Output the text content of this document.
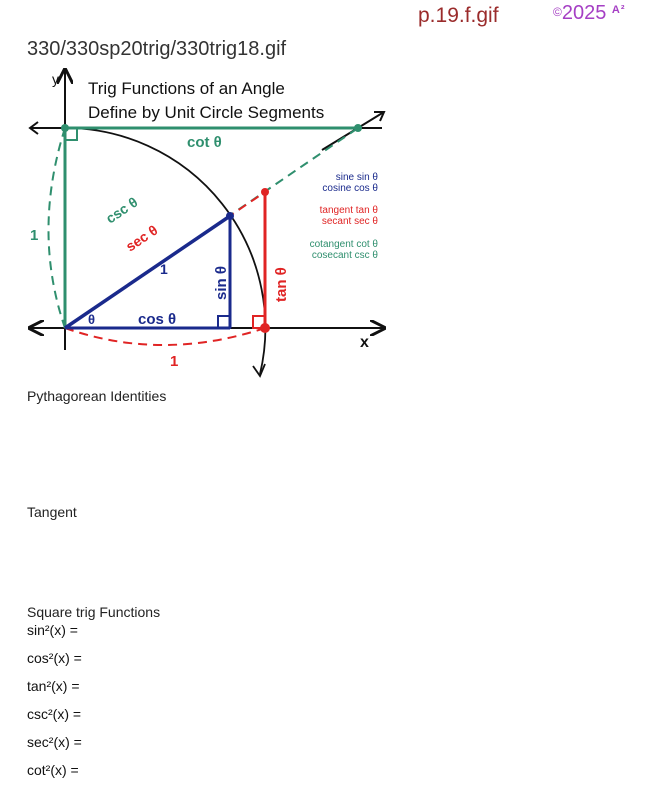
p.19.f.gif	©2025 $^{A^2}$
330/330sp20trig/330trig18.gif
Trig Functions of an Angle
Define by Unit Circle Segments
y
x
cot θ
csc θ
sec θ
1	sin θ	tan θ
cos θ
θ
1
1
sine sin θ
cosine cos θ
tangent tan θ
secant sec θ
cotangent cot θ
cosecant csc θ
Pythagorean Identities
Tangent
Square trig Functions
sin²(x) =
cos²(x) =
tan²(x) =
csc²(x) =
sec²(x) =
cot²(x) =
